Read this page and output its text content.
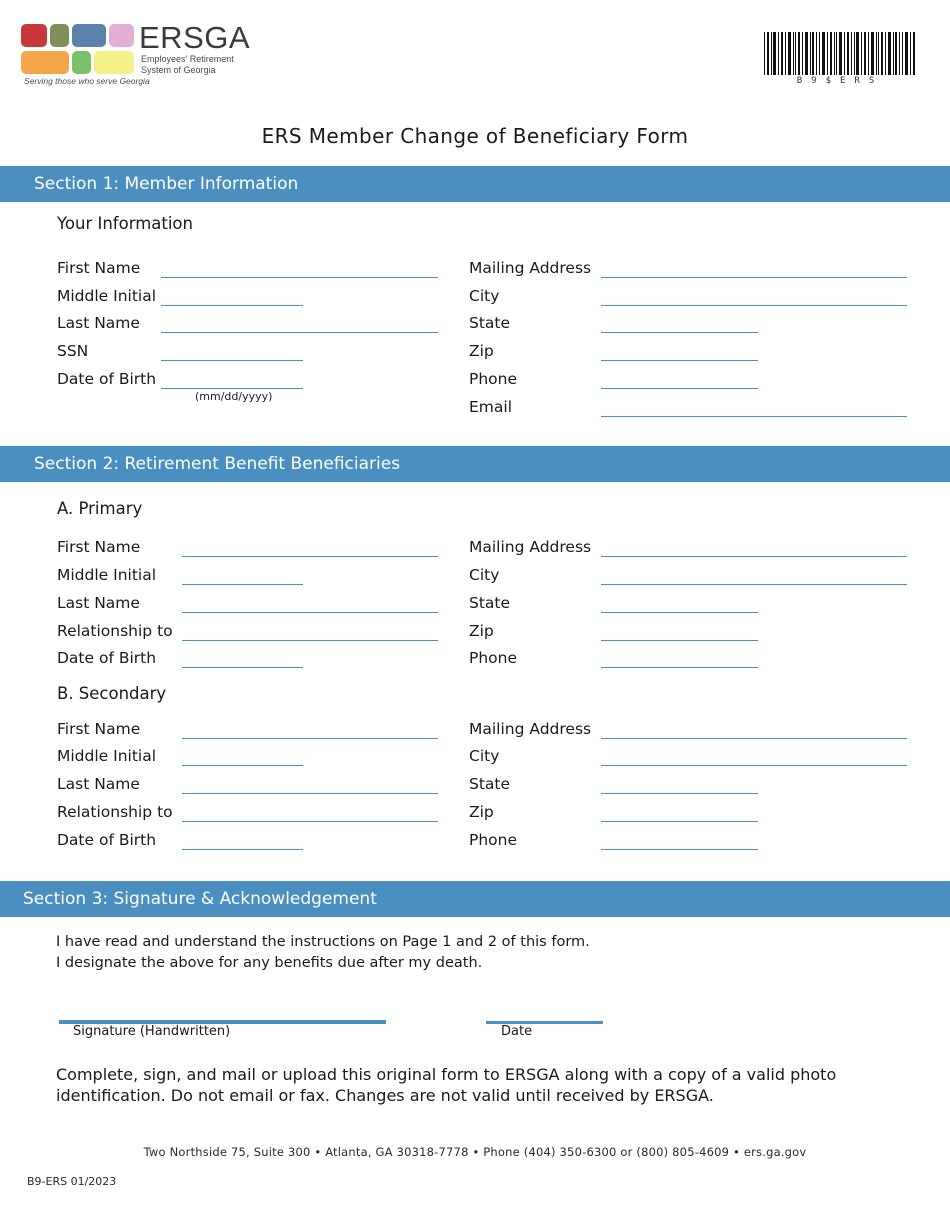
ERSGA
Employees' Retirement
System of Georgia
Serving those who serve Georgia	B9$ERS
ERS Member Change of Beneficiary Form
Section 1: Member Information
Your Information
First Name
Middle Initial
Last Name
SSN
Date of Birth
(mm/dd/yyyy)
Mailing Address
City
State
Zip
Phone
Email
Section 2: Retirement Benefit Beneficiaries
A. Primary
First Name
Middle Initial
Last Name
Relationship to
Date of Birth
Mailing Address
City
State
Zip
Phone
B. Secondary
First Name
Middle Initial
Last Name
Relationship to
Date of Birth
Mailing Address
City
State
Zip
Phone
Section 3: Signature & Acknowledgement
I have read and understand the instructions on Page 1 and 2 of this form.
I designate the above for any benefits due after my death.
Signature (Handwritten)	Date
Complete, sign, and mail or upload this original form to ERSGA along with a copy of a valid photo
identification. Do not email or fax. Changes are not valid until received by ERSGA.
Two Northside 75, Suite 300 • Atlanta, GA 30318-7778 • Phone (404) 350-6300 or (800) 805-4609 • ers.ga.gov
B9-ERS 01/2023
